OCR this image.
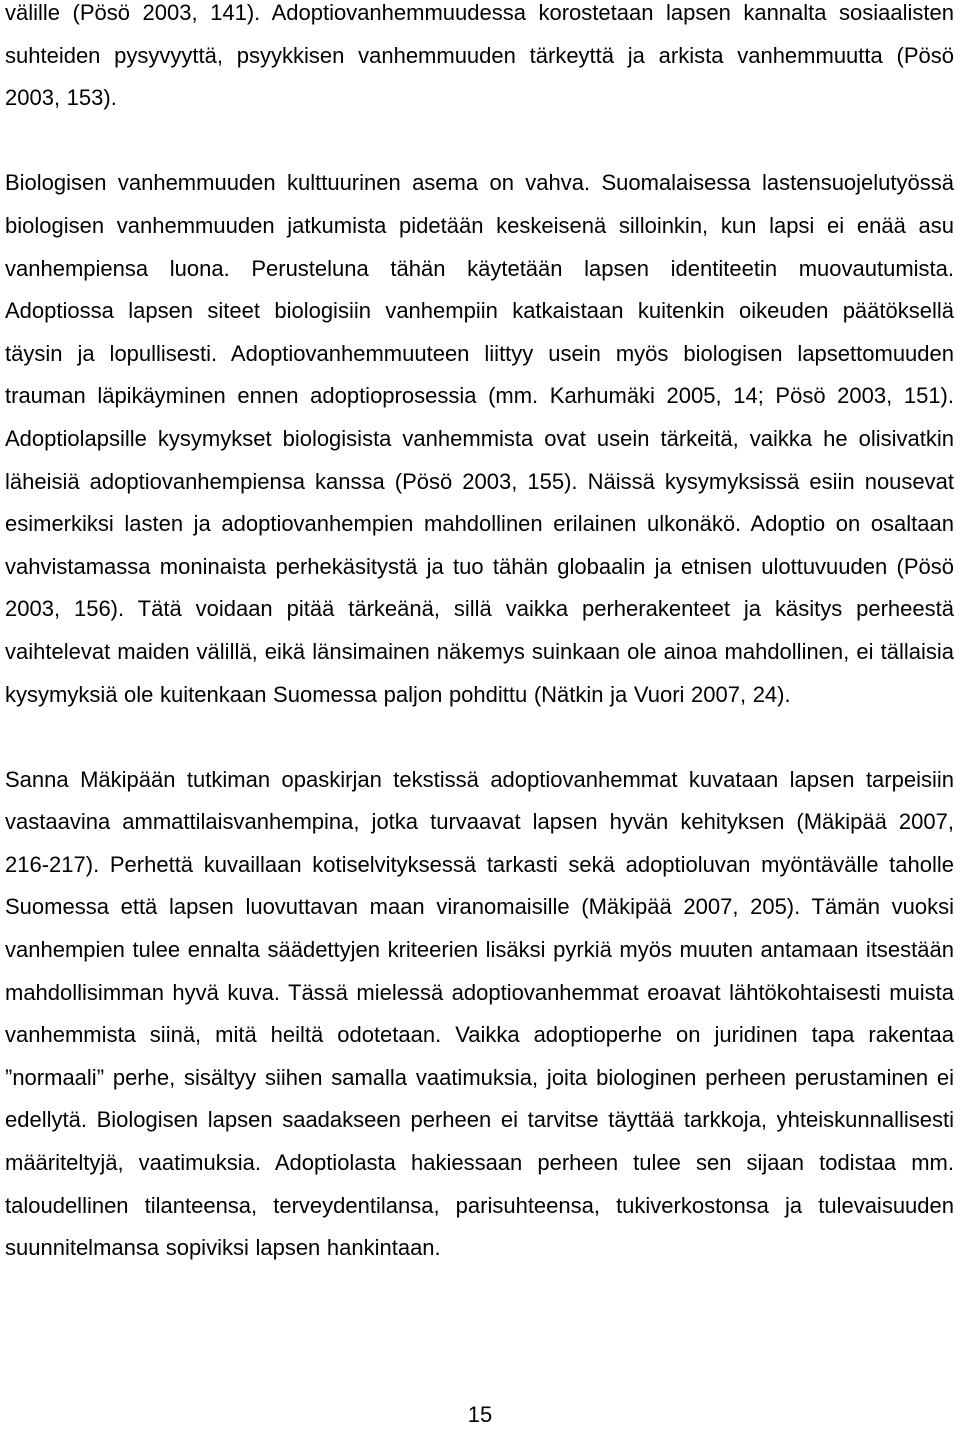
välille (Pösö 2003, 141). Adoptiovanhemmuudessa korostetaan lapsen kannalta sosiaalisten suhteiden pysyvyyttä, psyykkisen vanhemmuuden tärkeyttä ja arkista vanhemmuutta (Pösö 2003, 153).

Biologisen vanhemmuuden kulttuurinen asema on vahva. Suomalaisessa lastensuojelutyössä biologisen vanhemmuuden jatkumista pidetään keskeisenä silloinkin, kun lapsi ei enää asu vanhempiensa luona. Perusteluna tähän käytetään lapsen identiteetin muovautumista. Adoptiossa lapsen siteet biologisiin vanhempiin katkaistaan kuitenkin oikeuden päätöksellä täysin ja lopullisesti. Adoptiovanhemmuuteen liittyy usein myös biologisen lapsettomuuden trauman läpikäyminen ennen adoptioprosessia (mm. Karhumäki 2005, 14; Pösö 2003, 151). Adoptiolapsille kysymykset biologisista vanhemmista ovat usein tärkeitä, vaikka he olisivatkin läheisiä adoptiovanhempiensa kanssa (Pösö 2003, 155). Näissä kysymyksissä esiin nousevat esimerkiksi lasten ja adoptiovanhempien mahdollinen erilainen ulkonäkö. Adoptio on osaltaan vahvistamassa moninaista perhekäsitystä ja tuo tähän globaalin ja etnisen ulottuvuuden (Pösö 2003, 156). Tätä voidaan pitää tärkeänä, sillä vaikka perherakenteet ja käsitys perheestä vaihtelevat maiden välillä, eikä länsimainen näkemys suinkaan ole ainoa mahdollinen, ei tällaisia kysymyksiä ole kuitenkaan Suomessa paljon pohdittu (Nätkin ja Vuori 2007, 24).

Sanna Mäkipään tutkiman opaskirjan tekstissä adoptiovanhemmat kuvataan lapsen tarpeisiin vastaavina ammattilaisvanhempina, jotka turvaavat lapsen hyvän kehityksen (Mäkipää 2007, 216-217). Perhettä kuvaillaan kotiselvityksessä tarkasti sekä adoptioluvan myöntävälle taholle Suomessa että lapsen luovuttavan maan viranomaisille (Mäkipää 2007, 205). Tämän vuoksi vanhempien tulee ennalta säädettyjen kriteerien lisäksi pyrkiä myös muuten antamaan itsestään mahdollisimman hyvä kuva. Tässä mielessä adoptiovanhemmat eroavat lähtökohtaisesti muista vanhemmista siinä, mitä heiltä odotetaan. Vaikka adoptioperhe on juridinen tapa rakentaa ”normaali” perhe, sisältyy siihen samalla vaatimuksia, joita biologinen perheen perustaminen ei edellytä. Biologisen lapsen saadakseen perheen ei tarvitse täyttää tarkkoja, yhteiskunnallisesti määriteltyjä, vaatimuksia. Adoptiolasta hakiessaan perheen tulee sen sijaan todistaa mm. taloudellinen tilanteensa, terveydentilansa, parisuhteensa, tukiverkostonsa ja tulevaisuuden suunnitelmansa sopiviksi lapsen hankintaan.

15
